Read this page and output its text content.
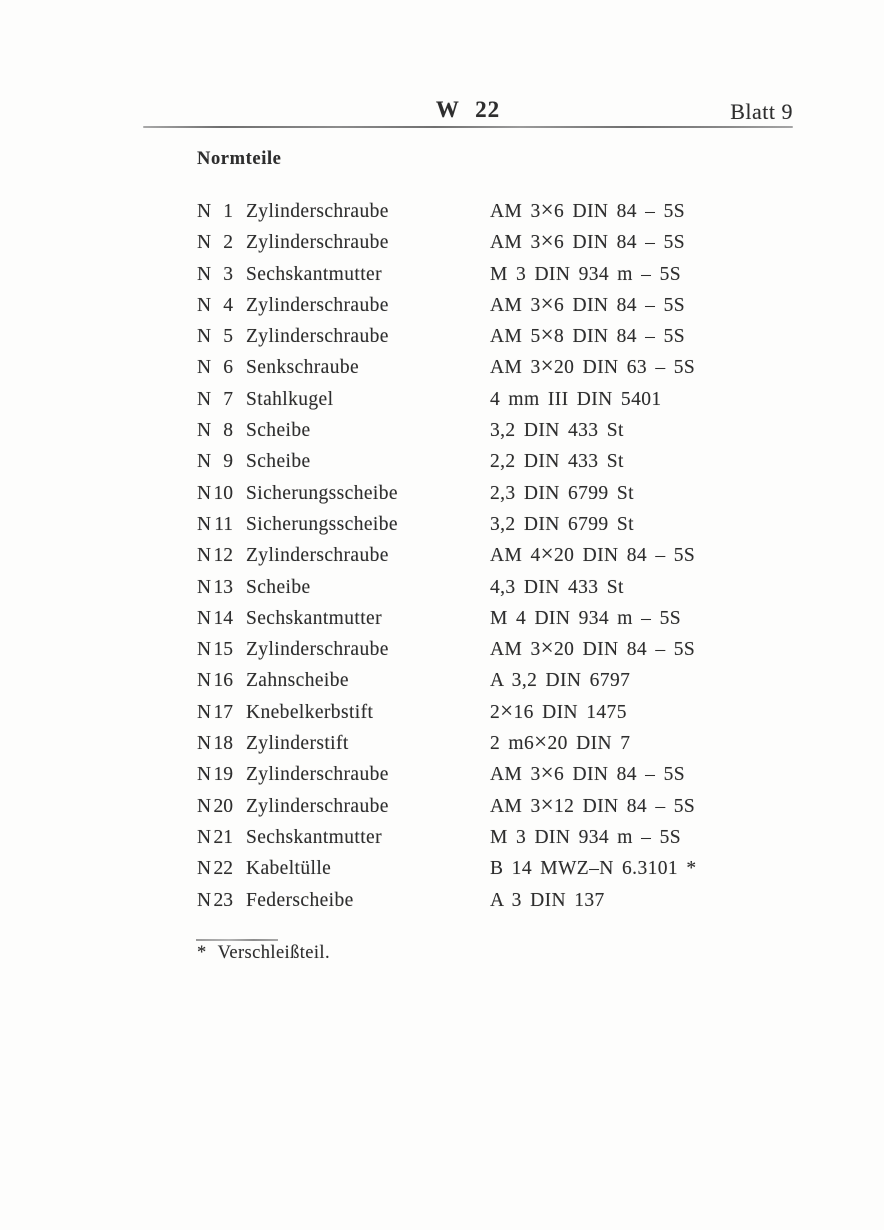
W 22	Blatt 9
Normteile
N 1 Zylinderschraube	AM 3×6 DIN 84 – 5S
N 2 Zylinderschraube	AM 3×6 DIN 84 – 5S
N 3 Sechskantmutter	M 3 DIN 934 m – 5S
N 4 Zylinderschraube	AM 3×6 DIN 84 – 5S
N 5 Zylinderschraube	AM 5×8 DIN 84 – 5S
N 6 Senkschraube	AM 3×20 DIN 63 – 5S
N 7 Stahlkugel	4 mm III DIN 5401
N 8 Scheibe	3,2 DIN 433 St
N 9 Scheibe	2,2 DIN 433 St
N 10 Sicherungsscheibe	2,3 DIN 6799 St
N 11 Sicherungsscheibe	3,2 DIN 6799 St
N 12 Zylinderschraube	AM 4×20 DIN 84 – 5S
N 13 Scheibe	4,3 DIN 433 St
N 14 Sechskantmutter	M 4 DIN 934 m – 5S
N 15 Zylinderschraube	AM 3×20 DIN 84 – 5S
N 16 Zahnscheibe	A 3,2 DIN 6797
N 17 Knebelkerbstift	2×16 DIN 1475
N 18 Zylinderstift	2 m6×20 DIN 7
N 19 Zylinderschraube	AM 3×6 DIN 84 – 5S
N 20 Zylinderschraube	AM 3×12 DIN 84 – 5S
N 21 Sechskantmutter	M 3 DIN 934 m – 5S
N 22 Kabeltülle	B 14 MWZ–N 6.3101 *
N 23 Federscheibe	A 3 DIN 137
* Verschleißteil.
